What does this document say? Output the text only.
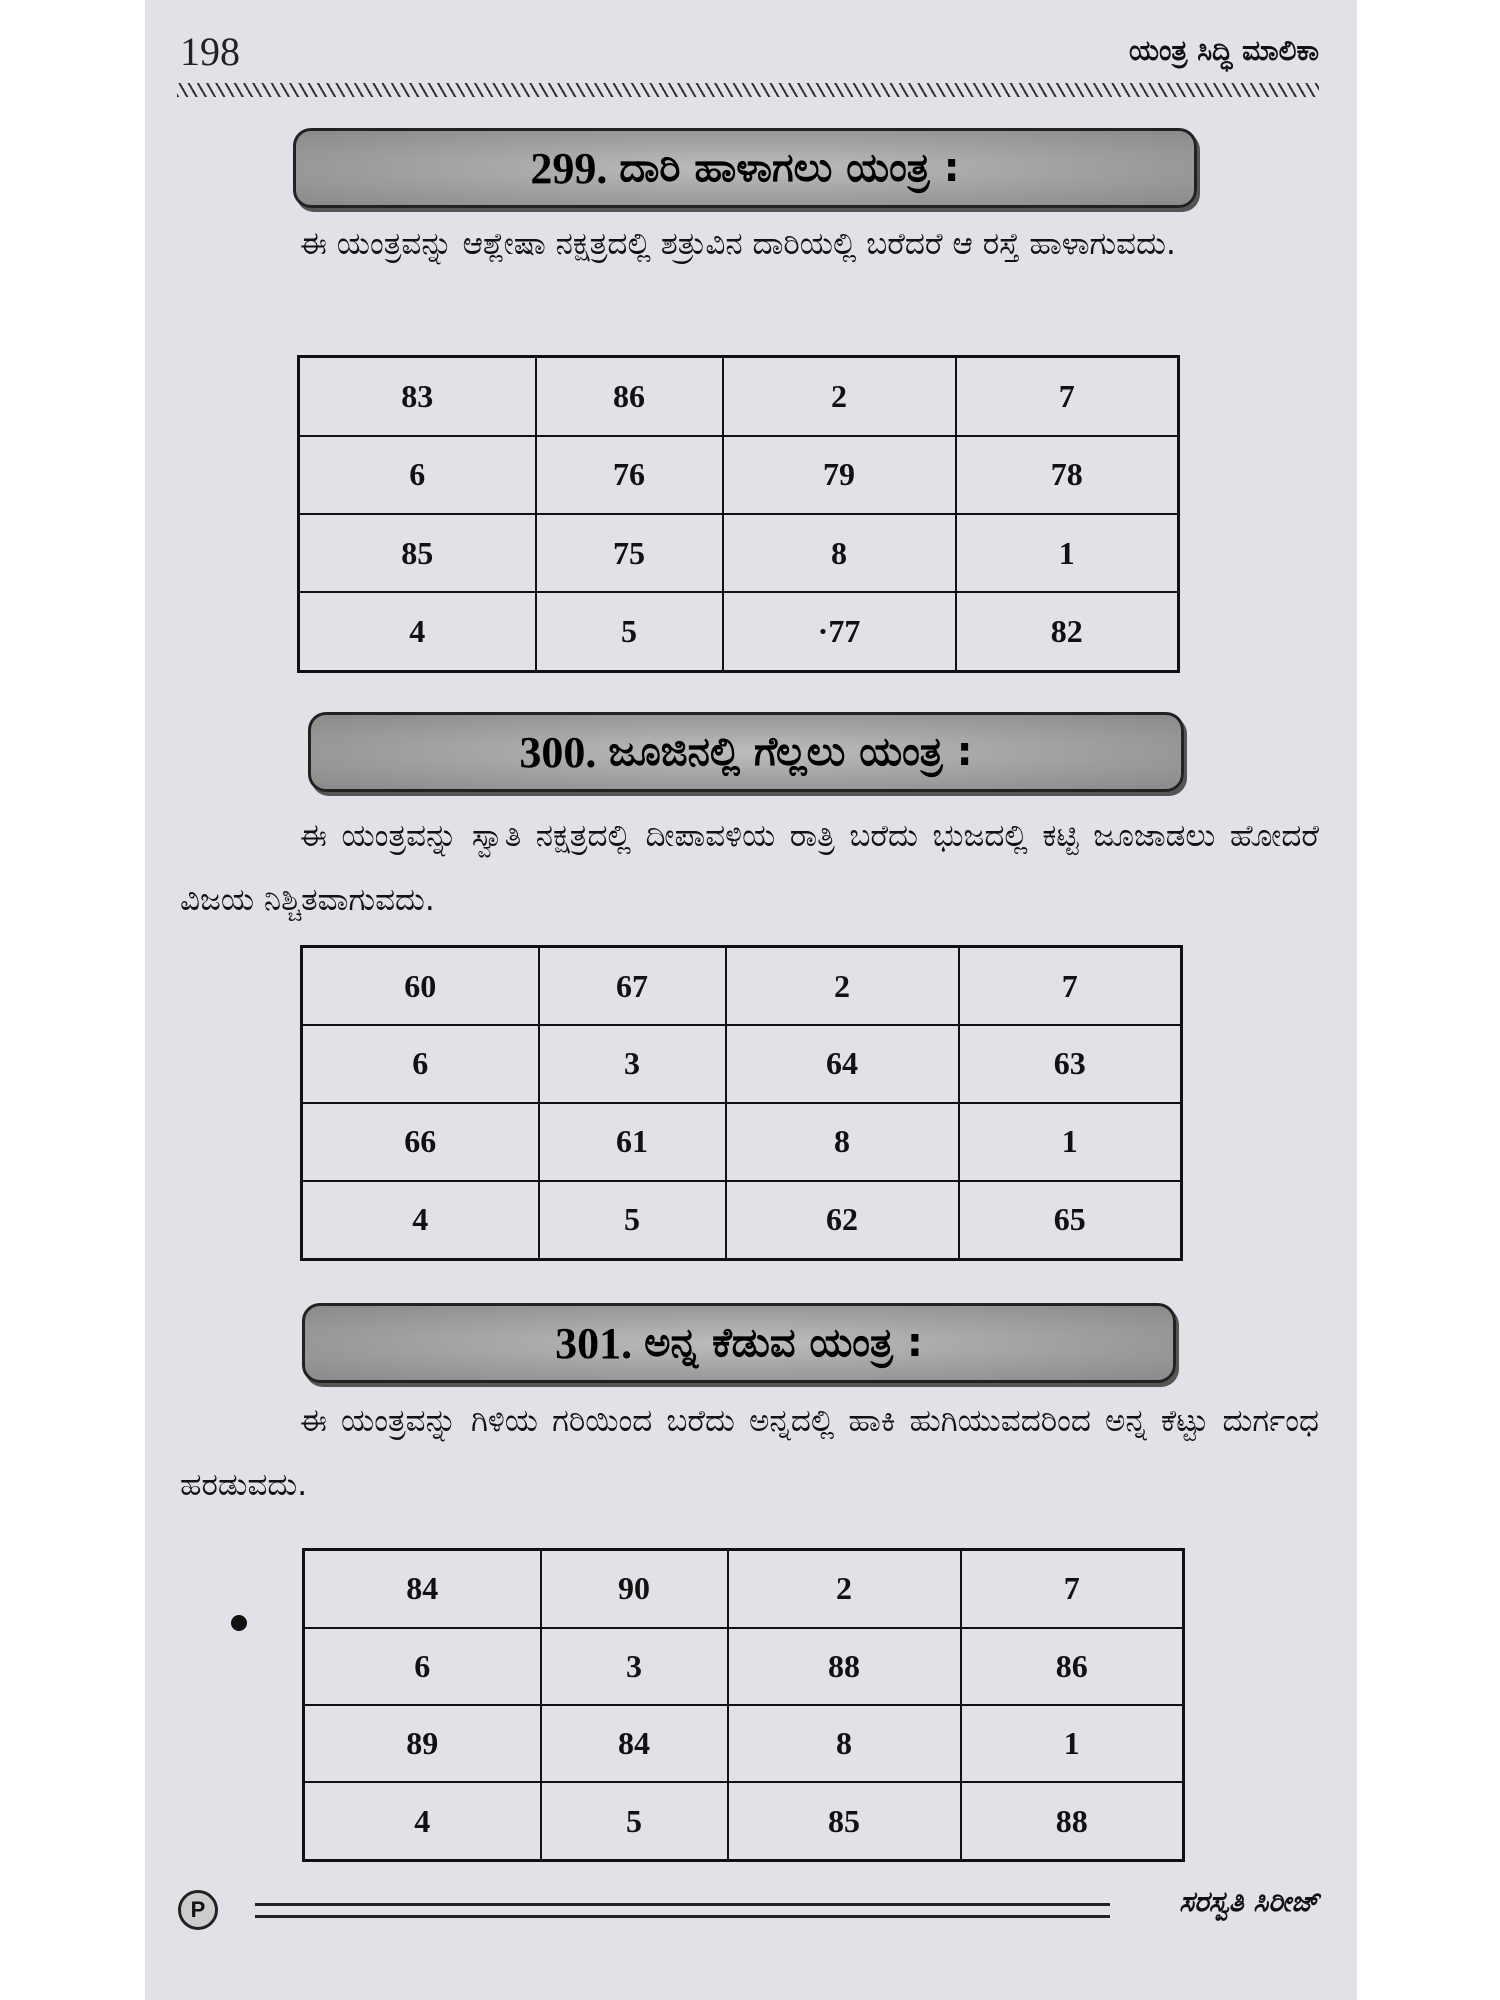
198	ಯಂತ್ರ ಸಿದ್ಧಿ ಮಾಲಿಕಾ
299. ದಾರಿ ಹಾಳಾಗಲು ಯಂತ್ರ :
ಈ ಯಂತ್ರವನ್ನು ಆಶ್ಲೇಷಾ ನಕ್ಷತ್ರದಲ್ಲಿ ಶತ್ರುವಿನ ದಾರಿಯಲ್ಲಿ ಬರೆದರೆ ಆ ರಸ್ತೆ ಹಾಳಾಗುವದು.
83	86	2	7
6	76	79	78
85	75	8	1
4	5	·77	82
300. ಜೂಜಿನಲ್ಲಿ ಗೆಲ್ಲಲು ಯಂತ್ರ :
ಈ ಯಂತ್ರವನ್ನು ಸ್ವಾತಿ ನಕ್ಷತ್ರದಲ್ಲಿ ದೀಪಾವಳಿಯ ರಾತ್ರಿ ಬರೆದು ಭುಜದಲ್ಲಿ ಕಟ್ಟಿ ಜೂಜಾಡಲು ಹೋದರೆ ವಿಜಯ ನಿಶ್ಚಿತವಾಗುವದು.
60	67	2	7
6	3	64	63
66	61	8	1
4	5	62	65
301. ಅನ್ನ ಕೆಡುವ ಯಂತ್ರ :
ಈ ಯಂತ್ರವನ್ನು ಗಿಳಿಯ ಗರಿಯಿಂದ ಬರೆದು ಅನ್ನದಲ್ಲಿ ಹಾಕಿ ಹುಗಿಯುವದರಿಂದ ಅನ್ನ ಕೆಟ್ಟು ದುರ್ಗಂಧ ಹರಡುವದು.
84	90	2	7
6	3	88	86
89	84	8	1
4	5	85	88
P	ಸರಸ್ವತಿ ಸಿರೀಜ್
